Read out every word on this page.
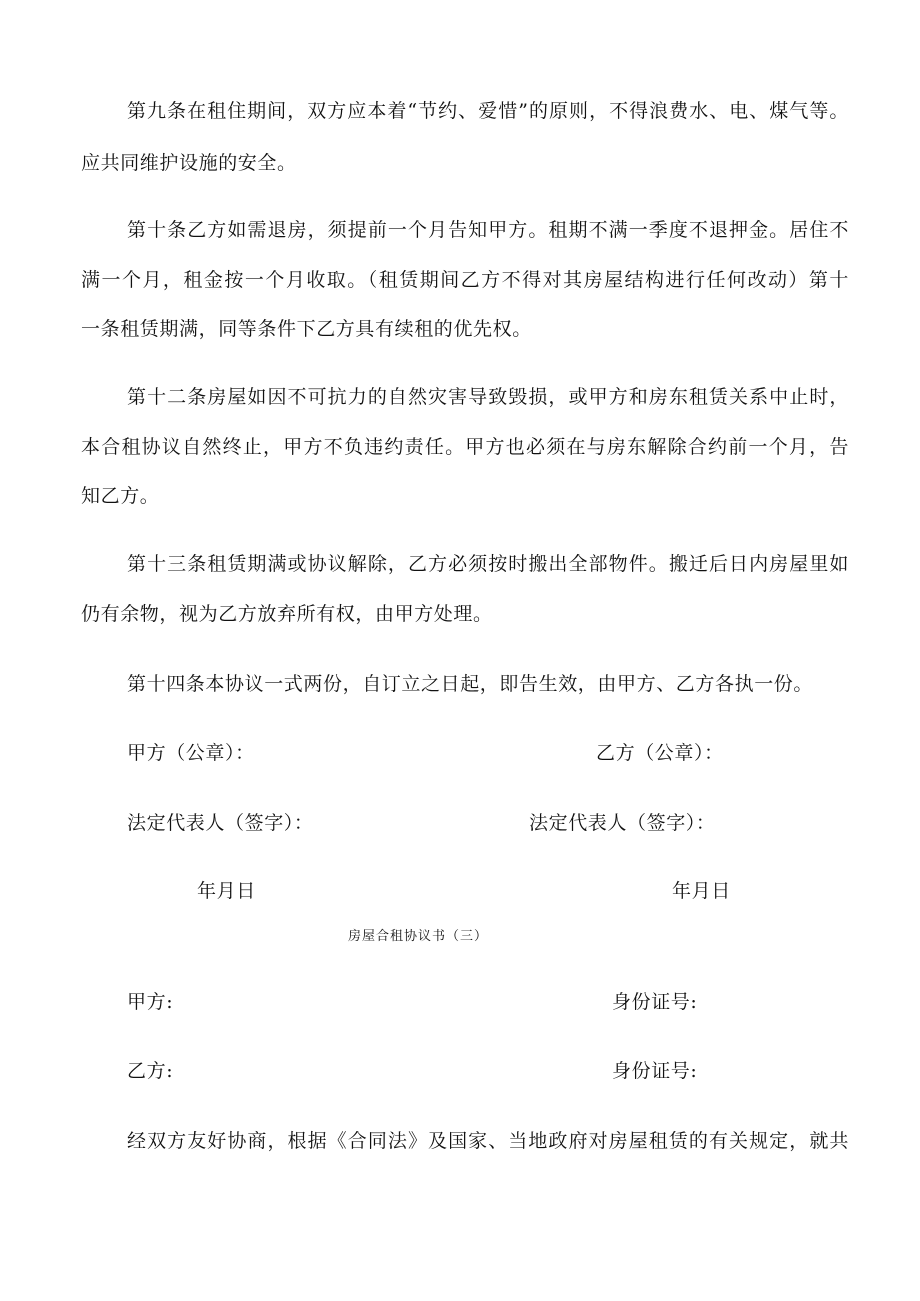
第九条在租住期间，双方应本着“节约、爱惜”的原则，不得浪费水、电、煤气等。
应共同维护设施的安全。
第十条乙方如需退房，须提前一个月告知甲方。租期不满一季度不退押金。居住不
满一个月，租金按一个月收取。（租赁期间乙方不得对其房屋结构进行任何改动）第十
一条租赁期满，同等条件下乙方具有续租的优先权。
第十二条房屋如因不可抗力的自然灾害导致毁损，或甲方和房东租赁关系中止时，
本合租协议自然终止，甲方不负违约责任。甲方也必须在与房东解除合约前一个月，告
知乙方。
第十三条租赁期满或协议解除，乙方必须按时搬出全部物件。搬迁后日内房屋里如
仍有余物，视为乙方放弃所有权，由甲方处理。
第十四条本协议一式两份，自订立之日起，即告生效，由甲方、乙方各执一份。
甲方（公章）：	乙方（公章）：
法定代表人（签字）：	法定代表人（签字）：
年月日	年月日
房屋合租协议书（三）
甲方:	身份证号:
乙方:	身份证号:
经双方友好协商，根据《合同法》及国家、当地政府对房屋租赁的有关规定，就共
